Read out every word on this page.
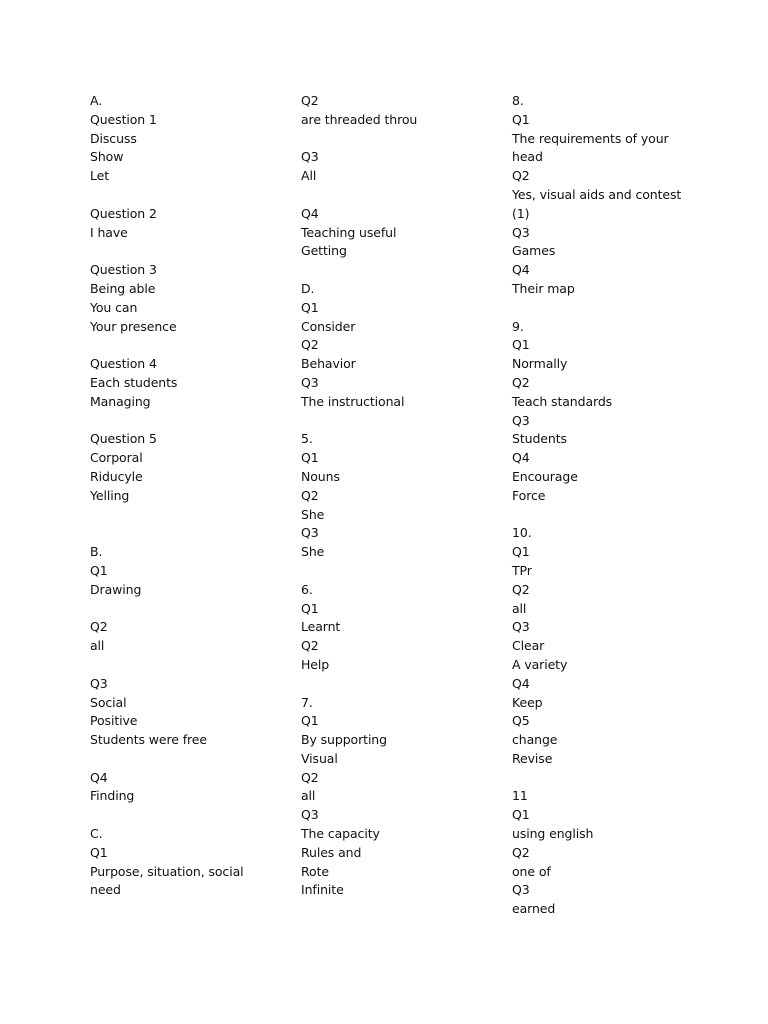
A.
Question 1
Discuss
Show
Let
Question 2
I have
Question 3
Being able
You can
Your presence
Question 4
Each students
Managing
Question 5
Corporal
Riducyle
Yelling
B.
Q1
Drawing
Q2
all
Q3
Social
Positive
Students were free
Q4
Finding
C.
Q1
Purpose, situation, social
need
Q2
are threaded throu
Q3
All
Q4
Teaching useful
Getting
D.
Q1
Consider
Q2
Behavior
Q3
The instructional
5.
Q1
Nouns
Q2
She
Q3
She
6.
Q1
Learnt
Q2
Help
7.
Q1
By supporting
Visual
Q2
all
Q3
The capacity
Rules and
Rote
Infinite
8.
Q1
The requirements of your
head
Q2
Yes, visual aids and contest
(1)
Q3
Games
Q4
Their map
9.
Q1
Normally
Q2
Teach standards
Q3
Students
Q4
Encourage
Force
10.
Q1
TPr
Q2
all
Q3
Clear
A variety
Q4
Keep
Q5
change
Revise
11
Q1
using english
Q2
one of
Q3
earned
